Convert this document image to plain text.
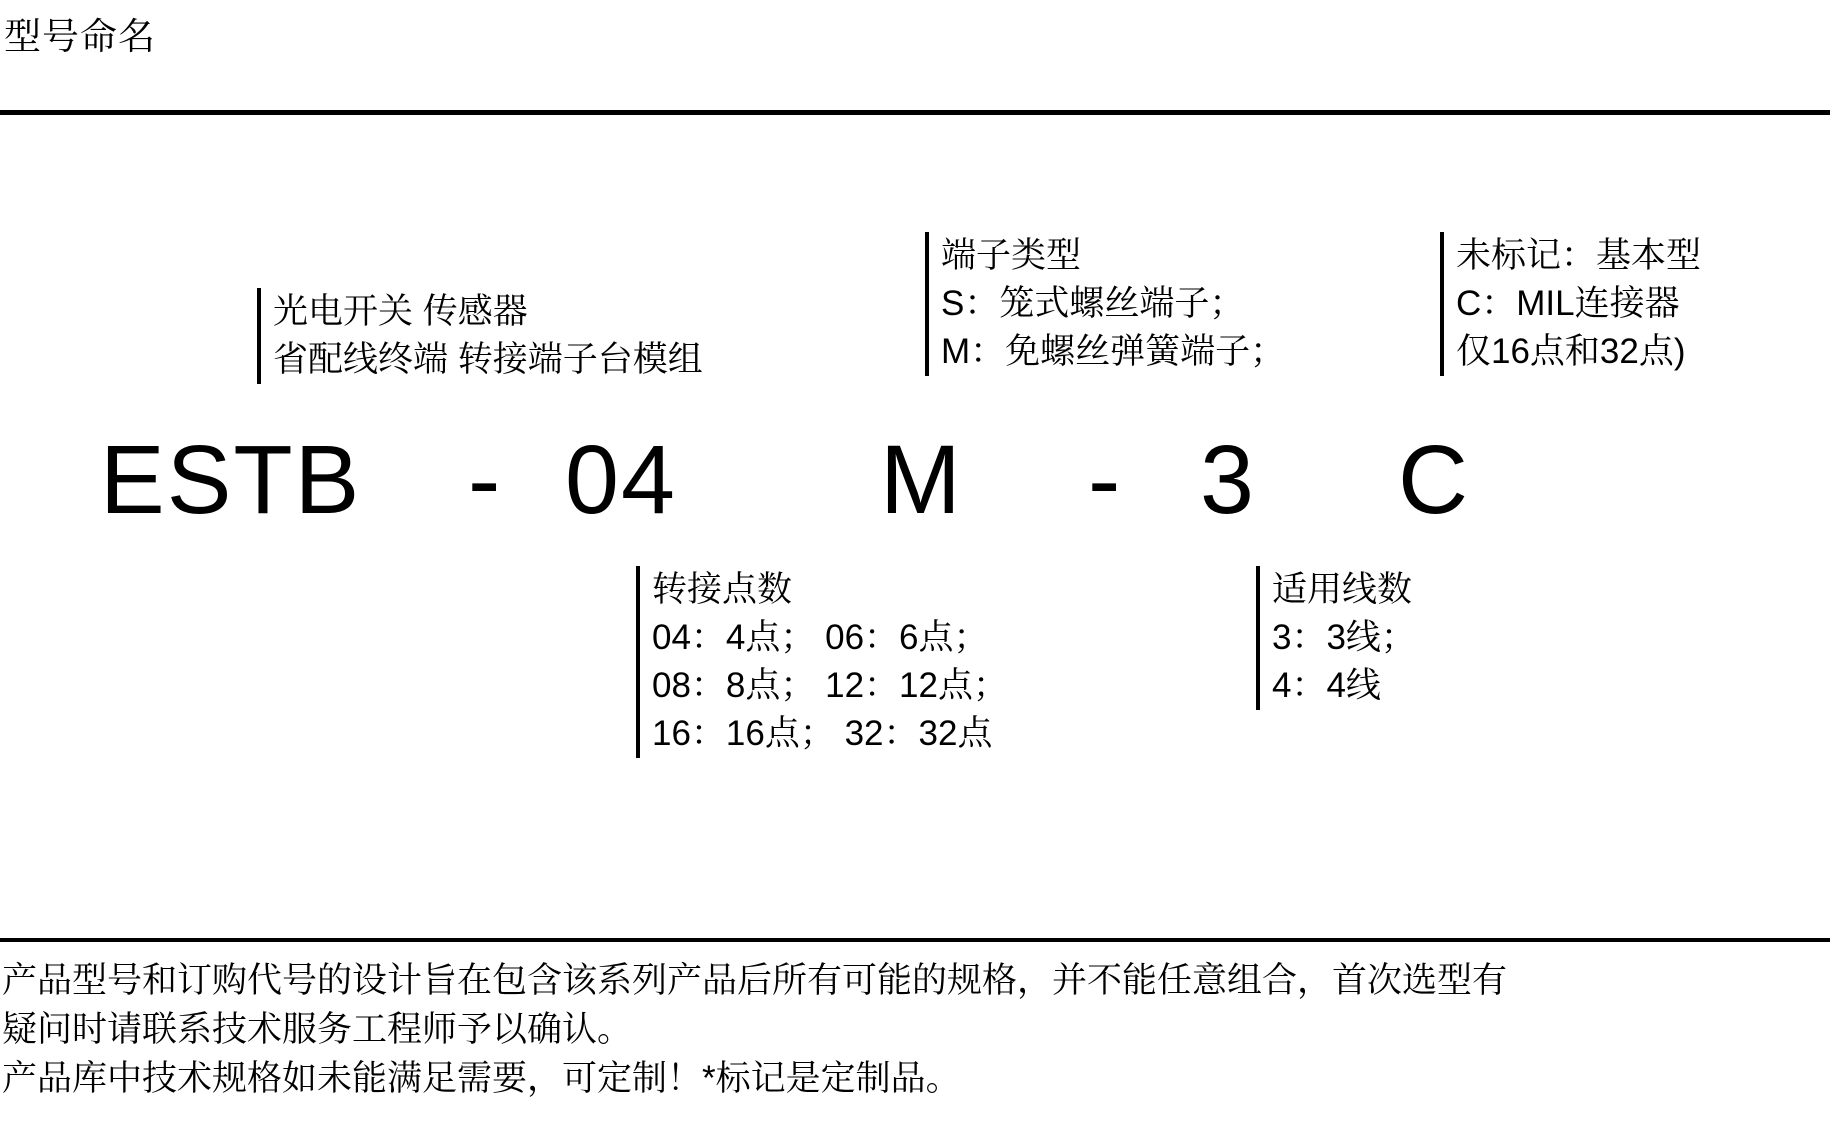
型号命名
光电开关 传感器
省配线终端 转接端子台模组
端子类型
S：笼式螺丝端子；
M：免螺丝弹簧端子；
未标记：基本型
C：MIL连接器
仅16点和32点)
ESTB - 04 M - 3 C
转接点数
04：4点； 06：6点；
08：8点； 12：12点；
16：16点； 32：32点
适用线数
3：3线；
4：4线

产品型号和订购代号的设计旨在包含该系列产品后所有可能的规格，并不能任意组合，首次选型有

疑问时请联系技术服务工程师予以确认。

产品库中技术规格如未能满足需要，可定制！*标记是定制品。
